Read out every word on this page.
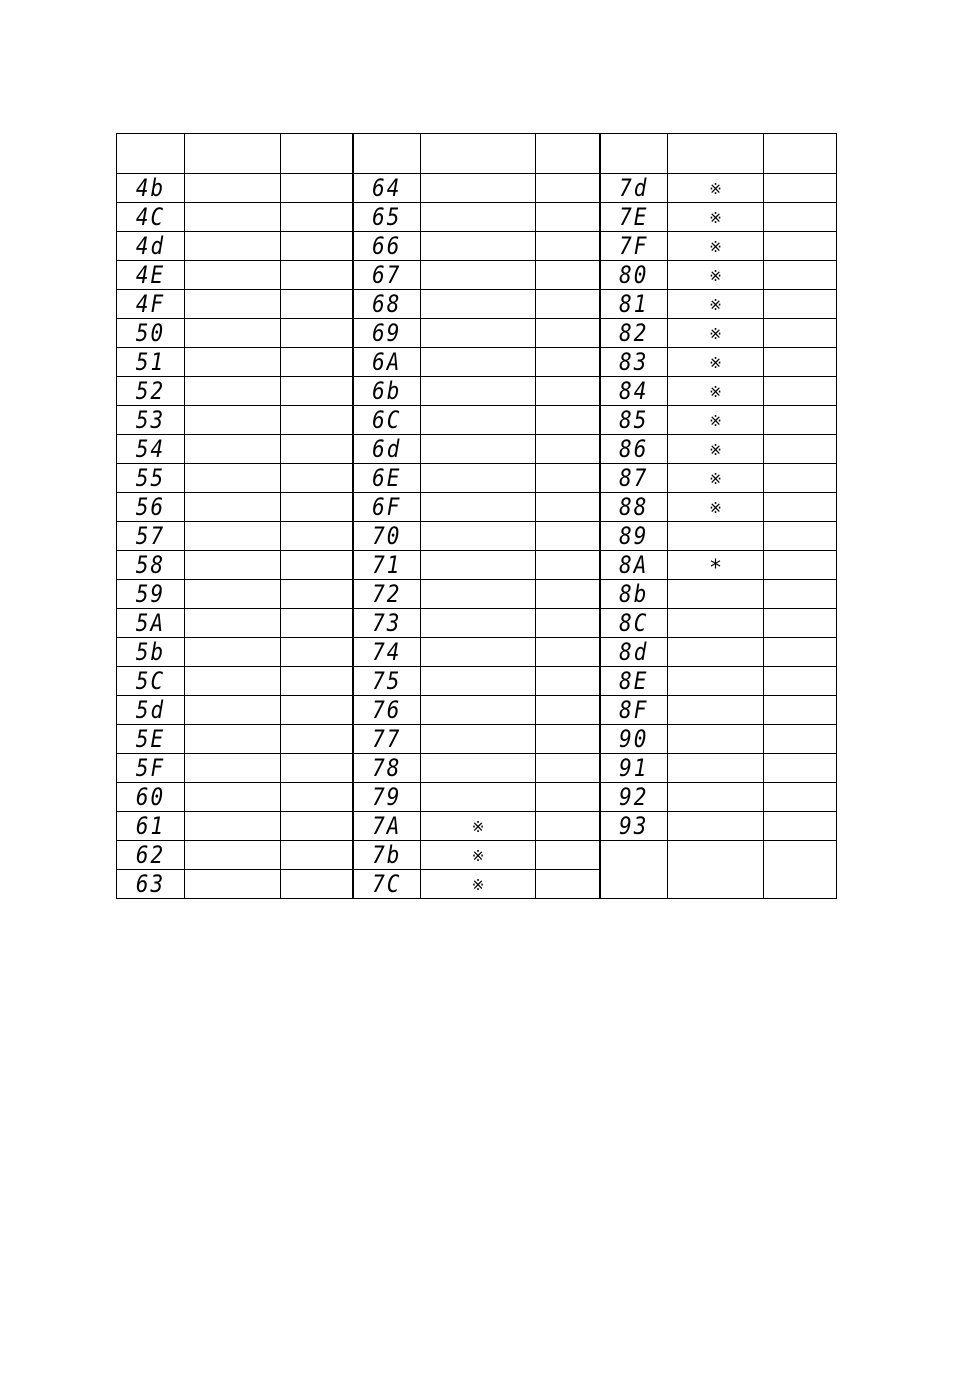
4b			64			7d	※	
4C			65			7E	※	
4d			66			7F	※	
4E			67			80	※	
4F			68			81	※	
50			69			82	※	
51			6A			83	※	
52			6b			84	※	
53			6C			85	※	
54			6d			86	※	
55			6E			87	※	
56			6F			88	※	
57			70			89		
58			71			8A	*	
59			72			8b		
5A			73			8C		
5b			74			8d		
5C			75			8E		
5d			76			8F		
5E			77			90		
5F			78			91		
60			79			92		
61			7A	※		93		
62			7b	※				
63			7C	※				
